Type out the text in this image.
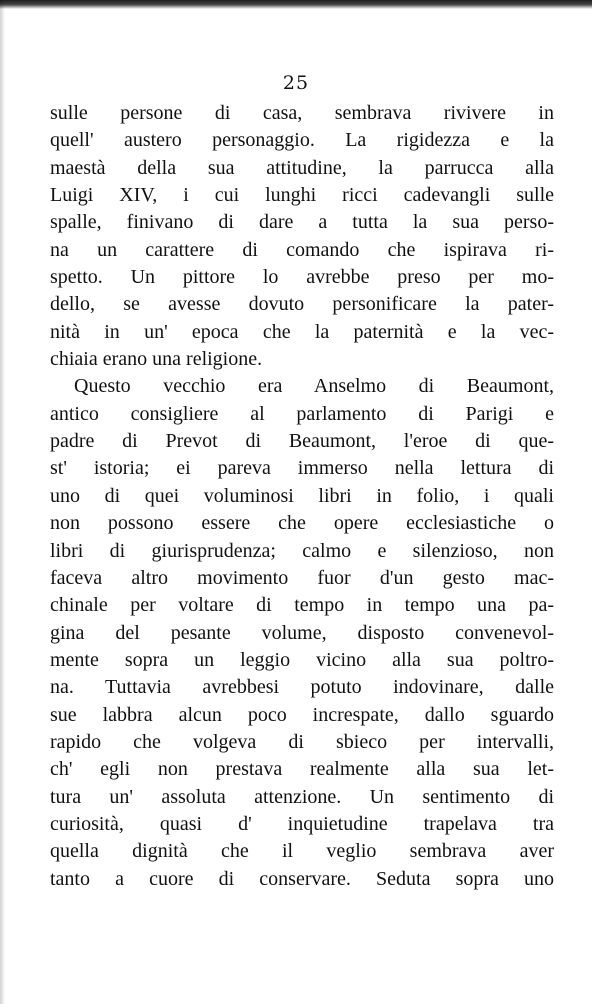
25
sulle persone di casa, sembrava rivivere in
quell' austero personaggio. La rigidezza e la
maestà della sua attitudine, la parrucca alla
Luigi XIV, i cui lunghi ricci cadevangli sulle
spalle, finivano di dare a tutta la sua perso-
na un carattere di comando che ispirava ri-
spetto. Un pittore lo avrebbe preso per mo-
dello, se avesse dovuto personificare la pater-
nità in un' epoca che la paternità e la vec-
chiaia erano una religione.
Questo vecchio era Anselmo di Beaumont,
antico consigliere al parlamento di Parigi e
padre di Prevot di Beaumont, l'eroe di que-
st' istoria; ei pareva immerso nella lettura di
uno di quei voluminosi libri in folio, i quali
non possono essere che opere ecclesiastiche o
libri di giurisprudenza; calmo e silenzioso, non
faceva altro movimento fuor d'un gesto mac-
chinale per voltare di tempo in tempo una pa-
gina del pesante volume, disposto convenevol-
mente sopra un leggio vicino alla sua poltro-
na. Tuttavia avrebbesi potuto indovinare, dalle
sue labbra alcun poco increspate, dallo sguardo
rapido che volgeva di sbieco per intervalli,
ch' egli non prestava realmente alla sua let-
tura un' assoluta attenzione. Un sentimento di
curiosità, quasi d' inquietudine trapelava tra
quella dignità che il veglio sembrava aver
tanto a cuore di conservare. Seduta sopra uno
